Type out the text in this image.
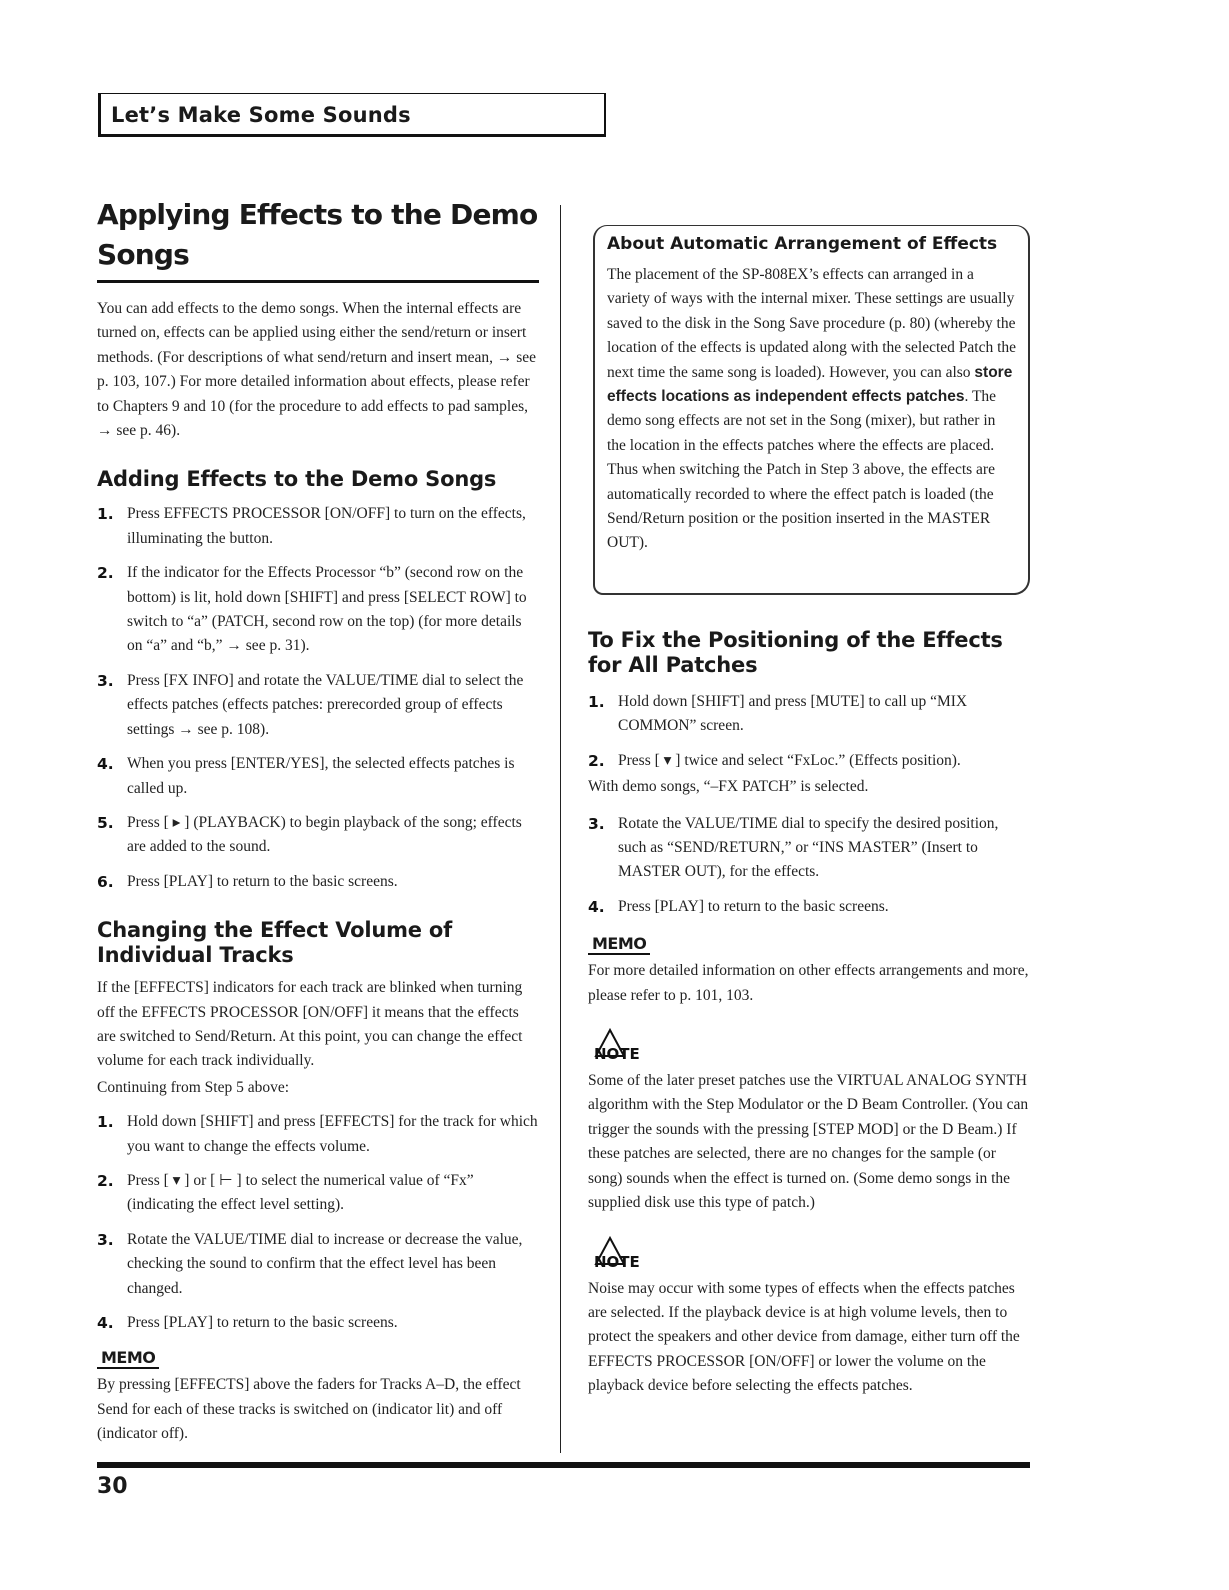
Let’s Make Some Sounds
Applying Effects to the Demo Songs

You can add effects to the demo songs. When the internal effects are turned on, effects can be applied using either the send/return or insert methods. (For descriptions of what send/return and insert mean, → see p. 103, 107.) For more detailed information about effects, please refer to Chapters 9 and 10 (for the procedure to add effects to pad samples, → see p. 46).

Adding Effects to the Demo Songs
1. Press EFFECTS PROCESSOR [ON/OFF] to turn on the effects, illuminating the button.
2. If the indicator for the Effects Processor “b” (second row on the bottom) is lit, hold down [SHIFT] and press [SELECT ROW] to switch to “a” (PATCH, second row on the top) (for more details on “a” and “b,” → see p. 31).
3. Press [FX INFO] and rotate the VALUE/TIME dial to select the effects patches (effects patches: prerecorded group of effects settings → see p. 108).
4. When you press [ENTER/YES], the selected effects patches is called up.
5. Press [ ▸ ] (PLAYBACK) to begin playback of the song; effects are added to the sound.
6. Press [PLAY] to return to the basic screens.
Changing the Effect Volume of Individual Tracks

If the [EFFECTS] indicators for each track are blinked when turning off the EFFECTS PROCESSOR [ON/OFF] it means that the effects are switched to Send/Return. At this point, you can change the effect volume for each track individually.

Continuing from Step 5 above:

1. Hold down [SHIFT] and press [EFFECTS] for the track for which you want to change the effects volume.
2. Press [ ▾ ] or [ ⊢ ] to select the numerical value of “Fx” (indicating the effect level setting).
3. Rotate the VALUE/TIME dial to increase or decrease the value, checking the sound to confirm that the effect level has been changed.
4. Press [PLAY] to return to the basic screens.
MEMO

By pressing [EFFECTS] above the faders for Tracks A–D, the effect Send for each of these tracks is switched on (indicator lit) and off (indicator off).

About Automatic Arrangement of Effects
The placement of the SP-808EX’s effects can arranged in a variety of ways with the internal mixer. These settings are usually saved to the disk in the Song Save procedure (p. 80) (whereby the location of the effects is updated along with the selected Patch the next time the same song is loaded). However, you can also store effects locations as independent effects patches. The demo song effects are not set in the Song (mixer), but rather in the location in the effects patches where the effects are placed. Thus when switching the Patch in Step 3 above, the effects are automatically recorded to where the effect patch is loaded (the Send/Return position or the position inserted in the MASTER OUT).
To Fix the Positioning of the Effects for All Patches
1. Hold down [SHIFT] and press [MUTE] to call up “MIX COMMON” screen.
2. Press [ ▾ ] twice and select “FxLoc.” (Effects position).

With demo songs, “–FX PATCH” is selected.

3. Rotate the VALUE/TIME dial to specify the desired position, such as “SEND/RETURN,” or “INS MASTER” (Insert to MASTER OUT), for the effects.
4. Press [PLAY] to return to the basic screens.
MEMO

For more detailed information on other effects arrangements and more, please refer to p. 101, 103.

NOTE

Some of the later preset patches use the VIRTUAL ANALOG SYNTH algorithm with the Step Modulator or the D Beam Controller. (You can trigger the sounds with the pressing [STEP MOD] or the D Beam.) If these patches are selected, there are no changes for the sample (or song) sounds when the effect is turned on. (Some demo songs in the supplied disk use this type of patch.)

NOTE

Noise may occur with some types of effects when the effects patches are selected. If the playback device is at high volume levels, then to protect the speakers and other device from damage, either turn off the EFFECTS PROCESSOR [ON/OFF] or lower the volume on the playback device before selecting the effects patches.

30
